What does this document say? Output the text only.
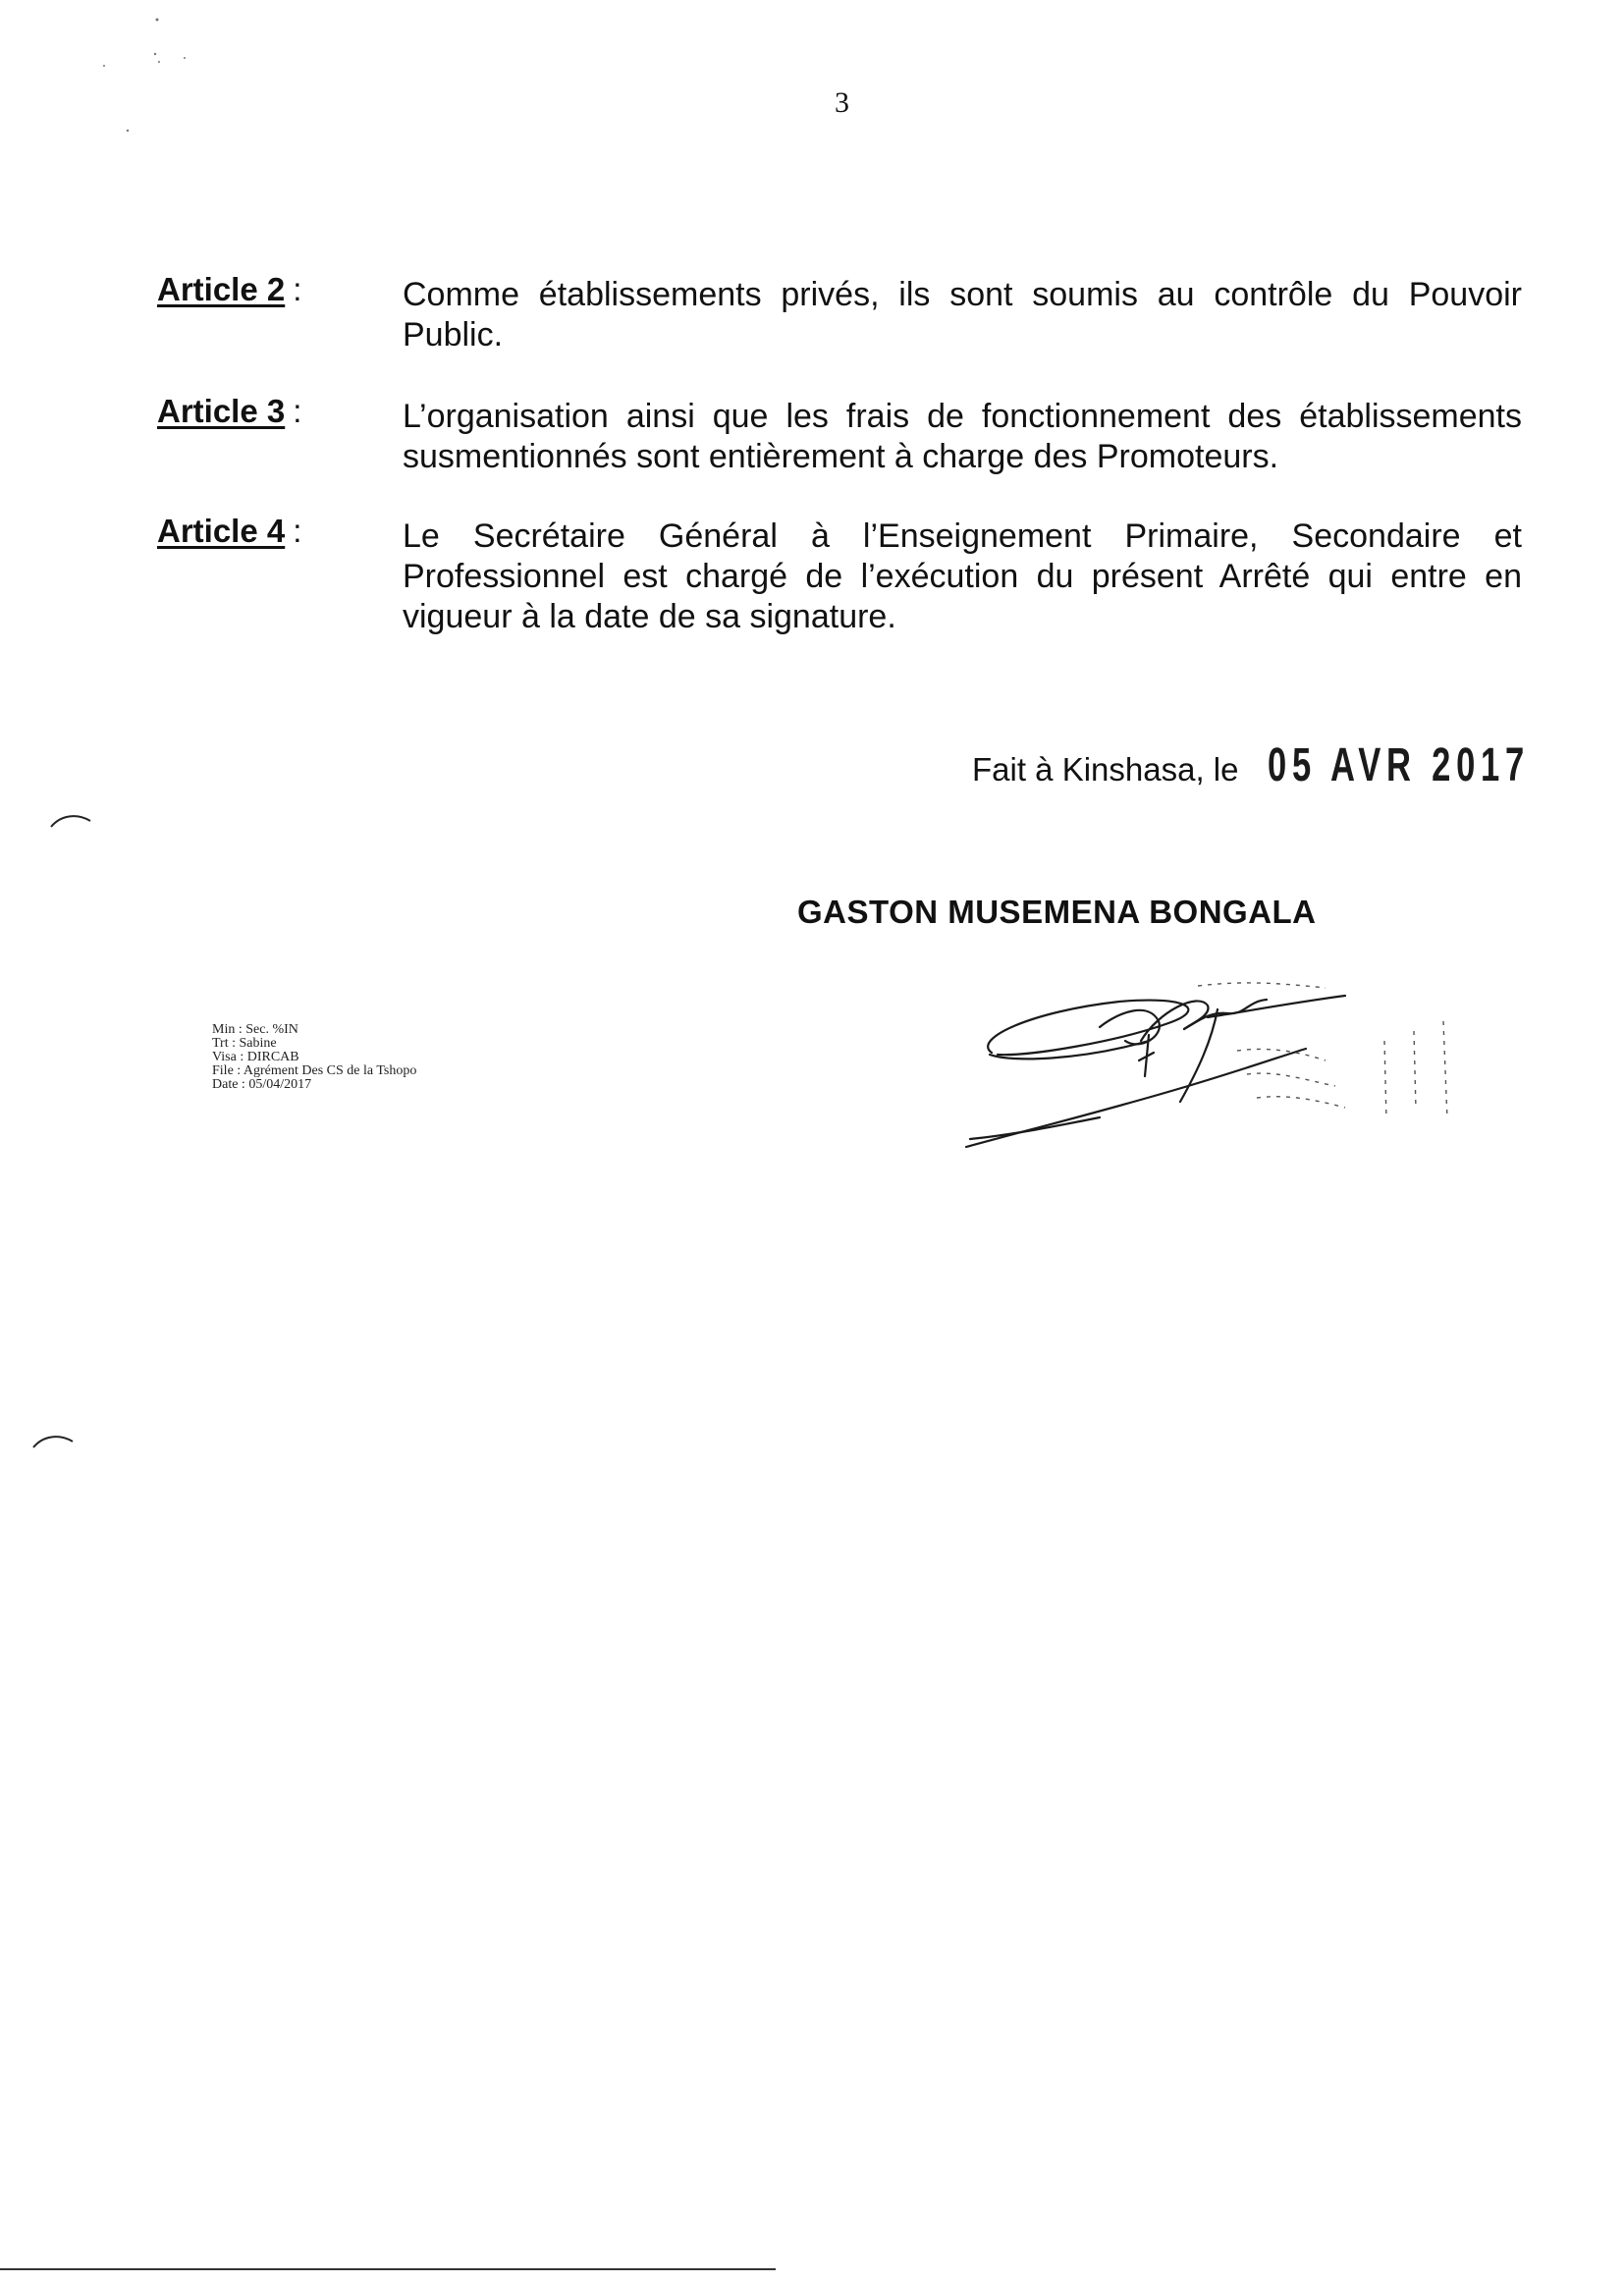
3
Article 2 :	Comme établissements privés, ils sont soumis au contrôle du Pouvoir Public.
Article 3 :	L’organisation ainsi que les frais de fonctionnement des établissements susmentionnés sont entièrement à charge des Promoteurs.
Article 4 :	Le Secrétaire Général à l’Enseignement Primaire, Secondaire et Professionnel est chargé de l’exécution du présent Arrêté qui entre en vigueur à la date de sa signature.
Fait à Kinshasa, le 05 AVR 2017
GASTON MUSEMENA BONGALA
Min : Sec. %IN
Trt : Sabine
Visa : DIRCAB
File : Agrément Des CS de la Tshopo
Date : 05/04/2017
